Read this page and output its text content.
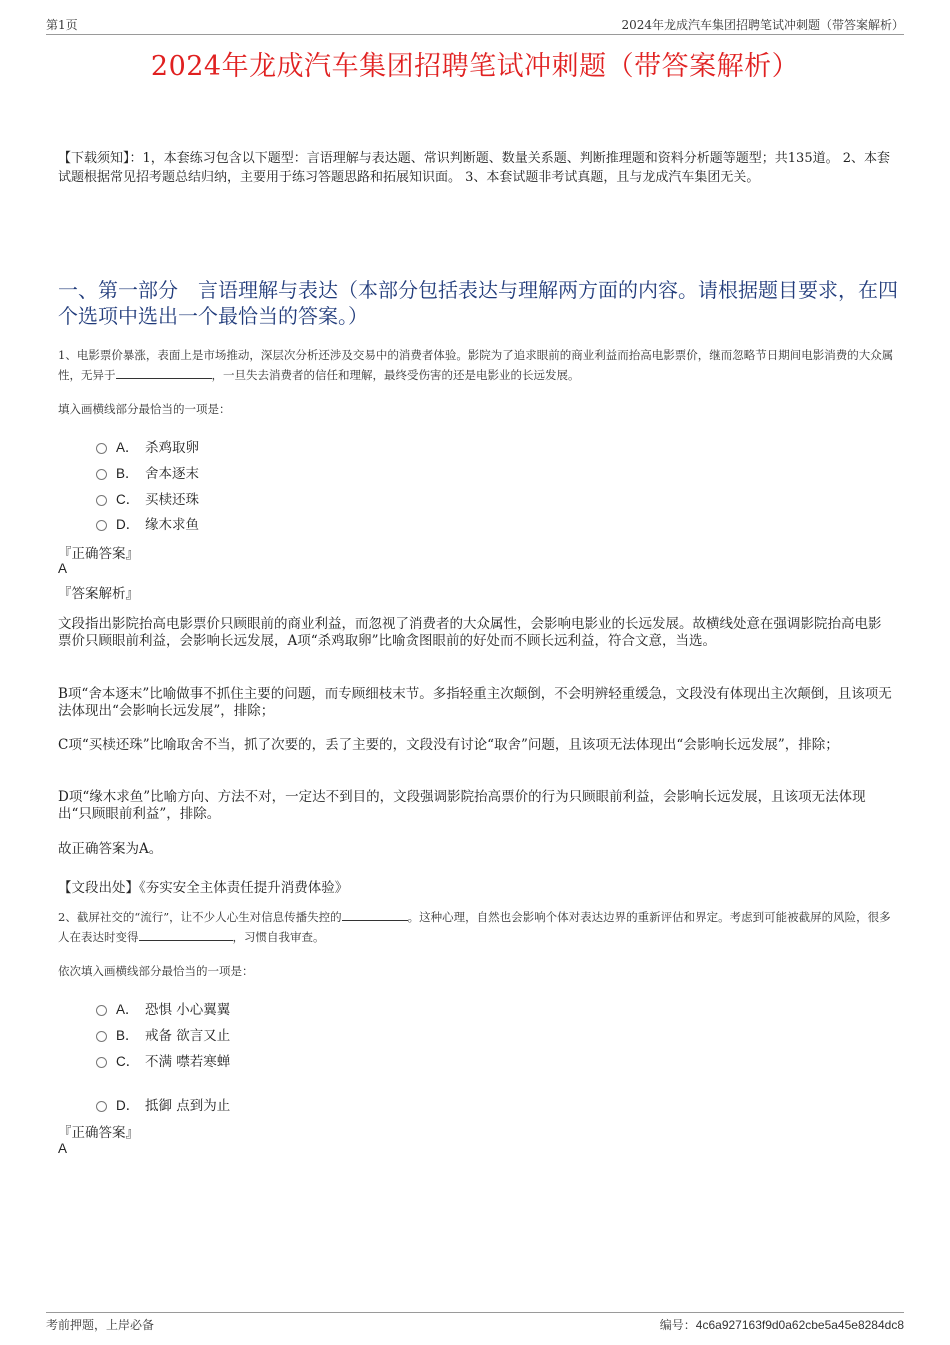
第1页	2024年龙成汽车集团招聘笔试冲刺题（带答案解析）
2024年龙成汽车集团招聘笔试冲刺题（带答案解析）
【下载须知】：1，本套练习包含以下题型：言语理解与表达题、常识判断题、数量关系题、判断推理题和资料分析题等题型；共135道。 2、本套试题根据常见招考题总结归纳，主要用于练习答题思路和拓展知识面。 3、本套试题非考试真题，且与龙成汽车集团无关。
一、第一部分　言语理解与表达（本部分包括表达与理解两方面的内容。请根据题目要求，在四个选项中选出一个最恰当的答案。）
1、电影票价暴涨，表面上是市场推动，深层次分析还涉及交易中的消费者体验。影院为了追求眼前的商业利益而抬高电影票价，继而忽略节日期间电影消费的大众属性，无异于	，一旦失去消费者的信任和理解，最终受伤害的还是电影业的长远发展。
填入画横线部分最恰当的一项是：
A． 杀鸡取卵
B． 舍本逐末
C． 买椟还珠
D． 缘木求鱼
『正确答案』
A
『答案解析』
文段指出影院抬高电影票价只顾眼前的商业利益，而忽视了消费者的大众属性，会影响电影业的长远发展。故横线处意在强调影院抬高电影票价只顾眼前利益，会影响长远发展，A项“杀鸡取卵”比喻贪图眼前的好处而不顾长远利益，符合文意，当选。
B项“舍本逐末”比喻做事不抓住主要的问题，而专顾细枝末节。多指轻重主次颠倒，不会明辨轻重缓急，文段没有体现出主次颠倒，且该项无法体现出“会影响长远发展”，排除；
C项“买椟还珠”比喻取舍不当，抓了次要的，丢了主要的，文段没有讨论“取舍”问题，且该项无法体现出“会影响长远发展”，排除；
D项“缘木求鱼”比喻方向、方法不对，一定达不到目的，文段强调影院抬高票价的行为只顾眼前利益，会影响长远发展，且该项无法体现出“只顾眼前利益”，排除。
故正确答案为A。
【文段出处】《夯实安全主体责任提升消费体验》
2、截屏社交的“流行”，让不少人心生对信息传播失控的	。这种心理，自然也会影响个体对表达边界的重新评估和界定。考虑到可能被截屏的风险，很多人在表达时变得	，习惯自我审查。
依次填入画横线部分最恰当的一项是：
A． 恐惧 小心翼翼
B． 戒备 欲言又止
C． 不满 噤若寒蝉
D． 抵御 点到为止
『正确答案』
A
考前押题，上岸必备	编号：4c6a927163f9d0a62cbe5a45e8284dc8
